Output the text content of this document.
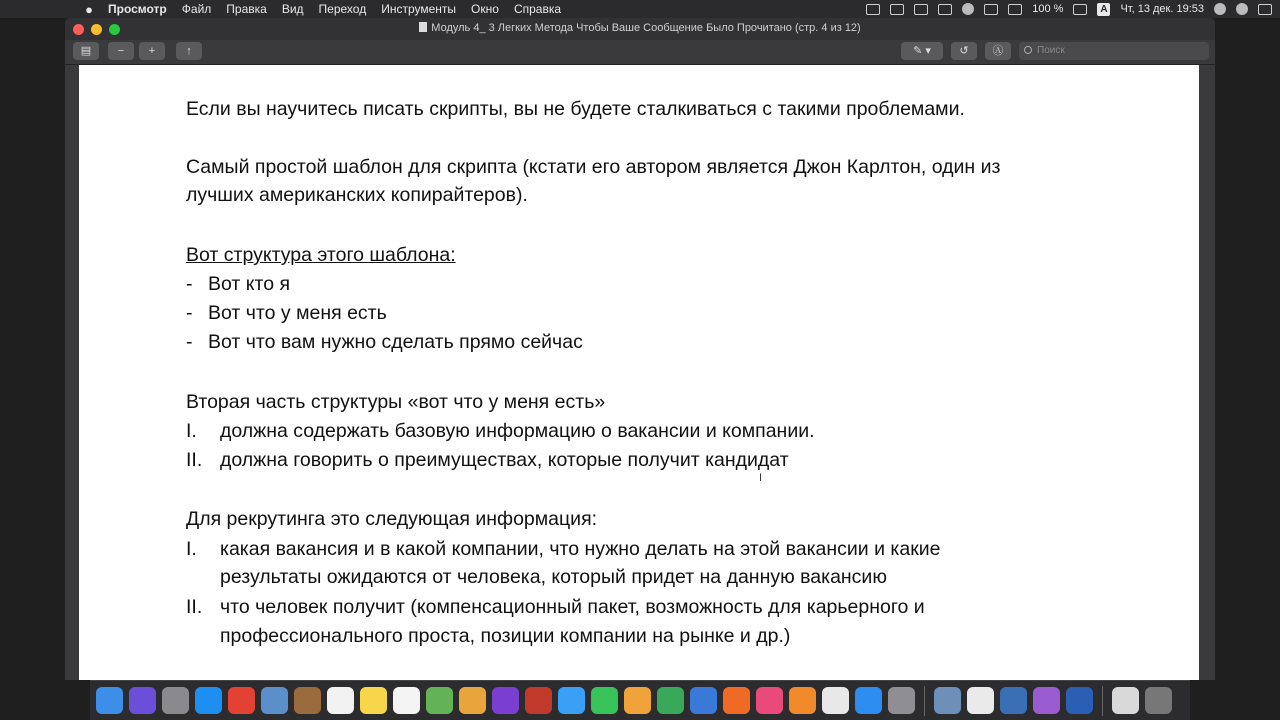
●	Просмотр Файл Правка Вид Переход Инструменты Окно Справка	100 %	A Чт, 13 дек. 19:53
Модуль 4_ 3 Легких Метода Чтобы Ваше Сообщение Было Прочитано (стр. 4 из 12)
▤	−	+	↑	✎ ▾	↺	Ⓐ	Поиск
Если вы научитесь писать скрипты, вы не будете сталкиваться с такими проблемами.
Самый простой шаблон для скрипта (кстати его автором является Джон Карлтон, один из
лучших американских копирайтеров).
Вот структура этого шаблона:
- Вот кто я
- Вот что у меня есть
- Вот что вам нужно сделать прямо сейчас
Вторая часть структуры «вот что у меня есть»
I. должна содержать базовую информацию о вакансии и компании.
II. должна говорить о преимуществах, которые получит кандидат
Для рекрутинга это следующая информация:
I. какая вакансия и в какой компании, что нужно делать на этой вакансии и какие
результаты ожидаются от человека, который придет на данную вакансию
II. что человек получит (компенсационный пакет, возможность для карьерного и
профессионального проста, позиции компании на рынке и др.)
I
